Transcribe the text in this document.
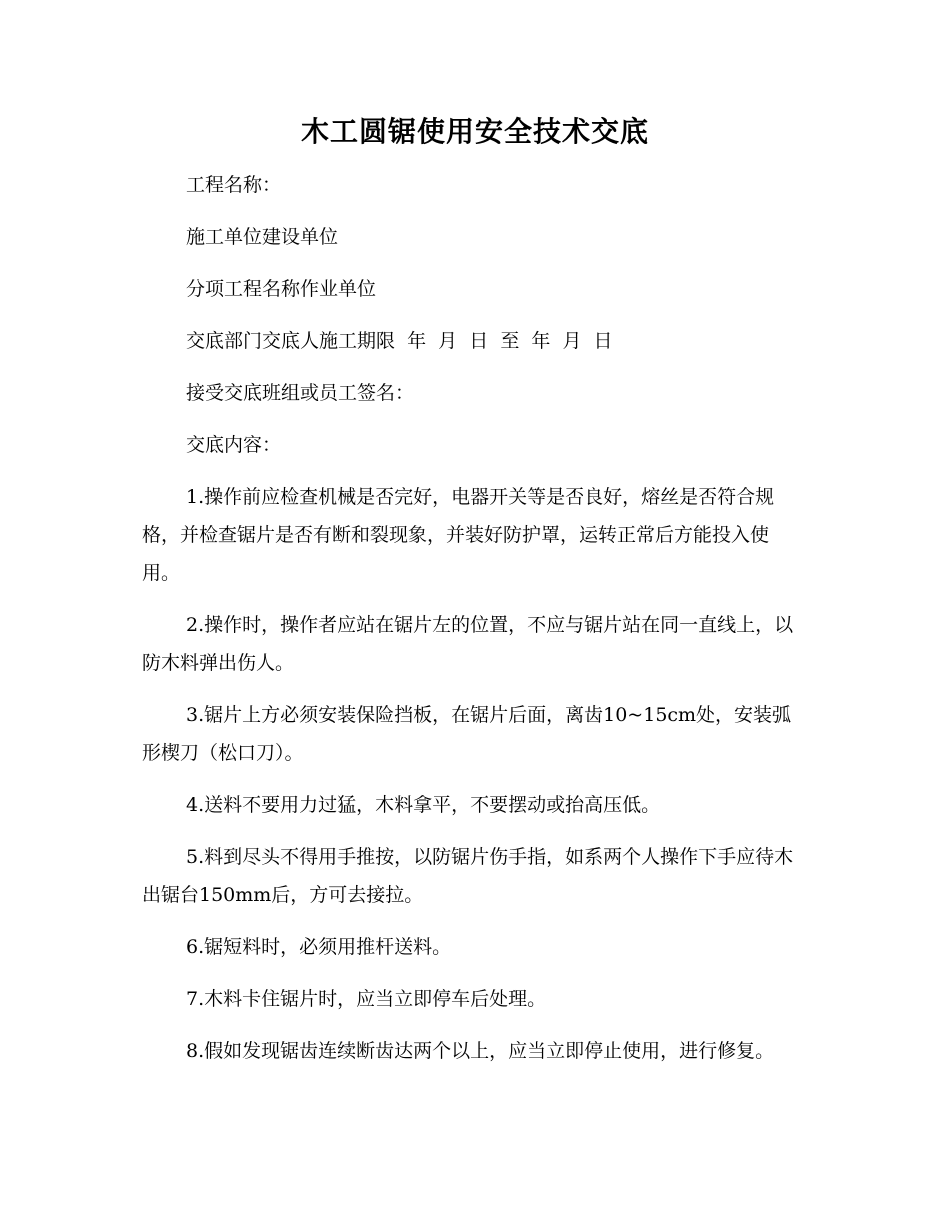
木工圆锯使用安全技术交底

工程名称：

施工单位建设单位

分项工程名称作业单位

交底部门交底人施工期限  年  月  日  至  年  月  日

接受交底班组或员工签名：

交底内容：

1.操作前应检查机械是否完好，电器开关等是否良好，熔丝是否符合规格，并检查锯片是否有断和裂现象，并装好防护罩，运转正常后方能投入使用。

2.操作时，操作者应站在锯片左的位置，不应与锯片站在同一直线上，以防木料弹出伤人。

3.锯片上方必须安装保险挡板，在锯片后面，离齿10~15cm处，安装弧形楔刀（松口刀）。

4.送料不要用力过猛，木料拿平，不要摆动或抬高压低。

5.料到尽头不得用手推按，以防锯片伤手指，如系两个人操作下手应待木出锯台150mm后，方可去接拉。

6.锯短料时，必须用推杆送料。

7.木料卡住锯片时，应当立即停车后处理。

8.假如发现锯齿连续断齿达两个以上，应当立即停止使用，进行修复。
